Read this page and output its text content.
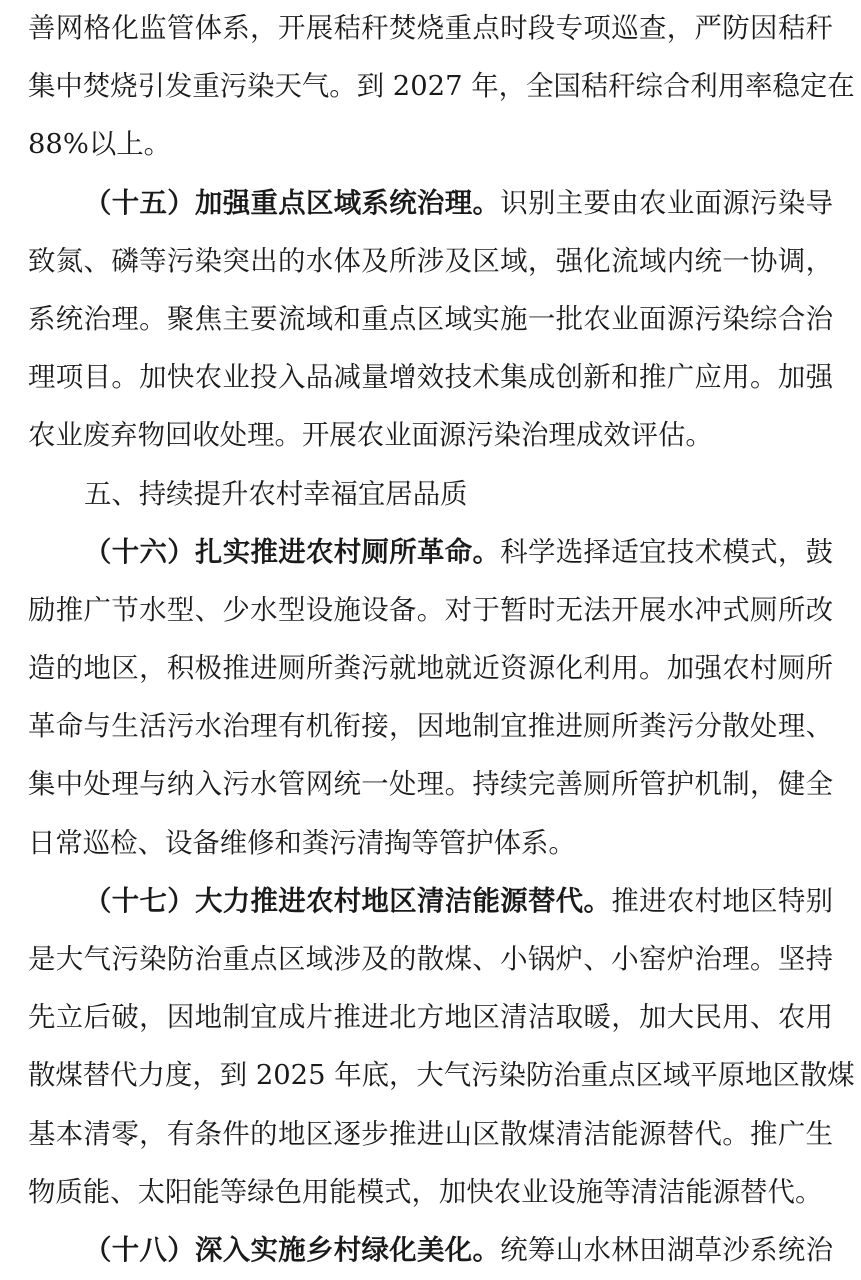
善网格化监管体系，开展秸秆焚烧重点时段专项巡查，严防因秸秆
集中焚烧引发重污染天气。到 2027 年，全国秸秆综合利用率稳定在
88%以上。
（十五）加强重点区域系统治理。识别主要由农业面源污染导
致氮、磷等污染突出的水体及所涉及区域，强化流域内统一协调，
系统治理。聚焦主要流域和重点区域实施一批农业面源污染综合治
理项目。加快农业投入品减量增效技术集成创新和推广应用。加强
农业废弃物回收处理。开展农业面源污染治理成效评估。
五、持续提升农村幸福宜居品质
（十六）扎实推进农村厕所革命。科学选择适宜技术模式，鼓
励推广节水型、少水型设施设备。对于暂时无法开展水冲式厕所改
造的地区，积极推进厕所粪污就地就近资源化利用。加强农村厕所
革命与生活污水治理有机衔接，因地制宜推进厕所粪污分散处理、
集中处理与纳入污水管网统一处理。持续完善厕所管护机制，健全
日常巡检、设备维修和粪污清掏等管护体系。
（十七）大力推进农村地区清洁能源替代。推进农村地区特别
是大气污染防治重点区域涉及的散煤、小锅炉、小窑炉治理。坚持
先立后破，因地制宜成片推进北方地区清洁取暖，加大民用、农用
散煤替代力度，到 2025 年底，大气污染防治重点区域平原地区散煤
基本清零，有条件的地区逐步推进山区散煤清洁能源替代。推广生
物质能、太阳能等绿色用能模式，加快农业设施等清洁能源替代。
（十八）深入实施乡村绿化美化。统筹山水林田湖草沙系统治
